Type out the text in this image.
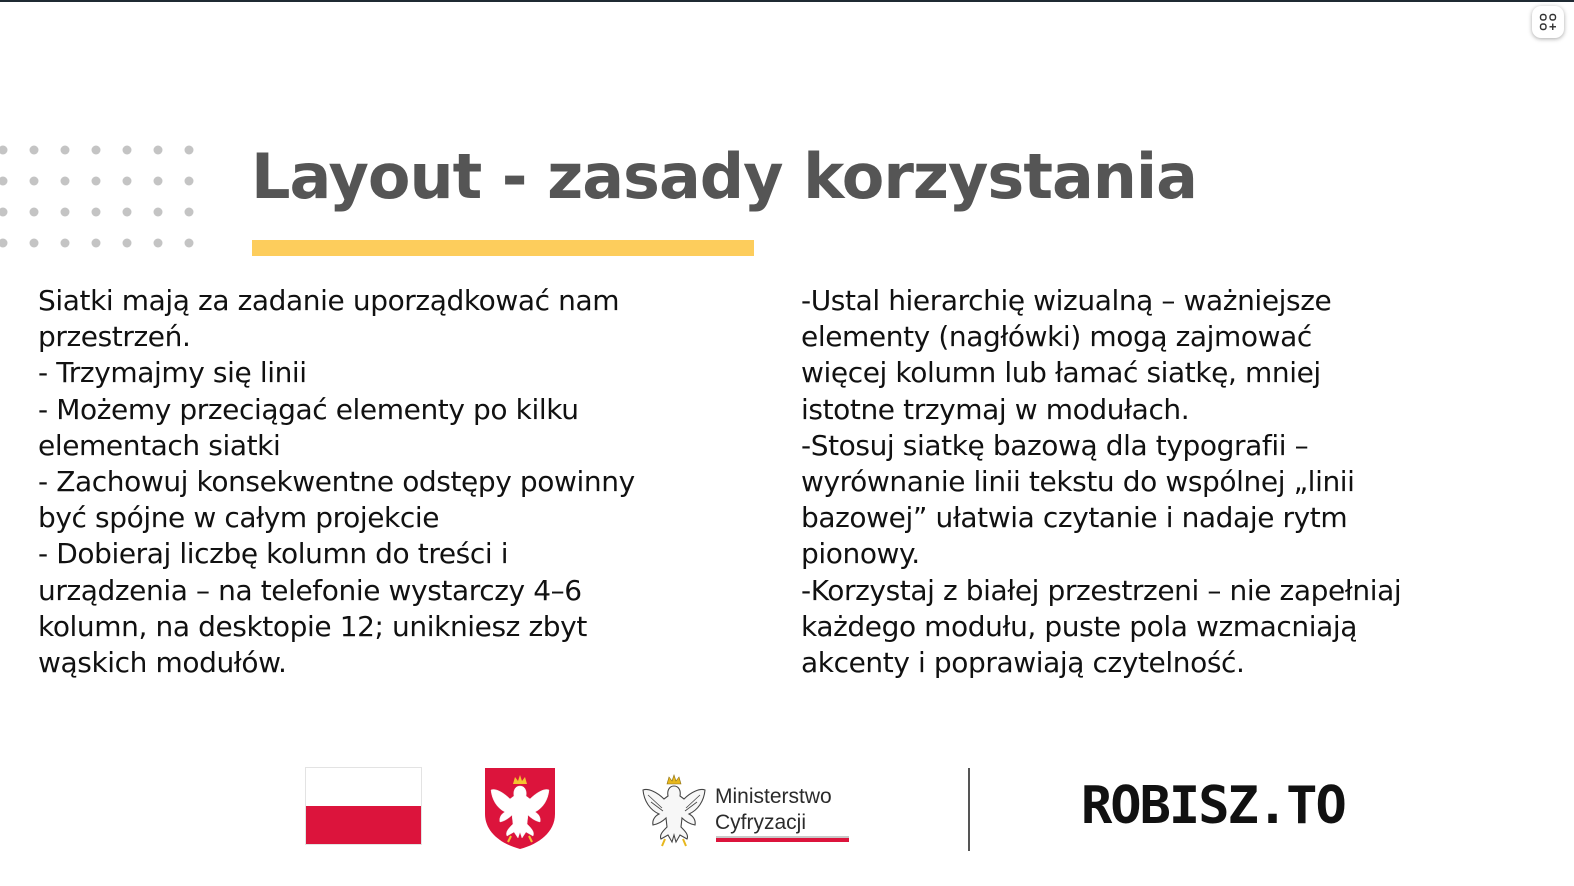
Layout - zasady korzystania

Siatki mają za zadanie uporządkować nam

przestrzeń.

- Trzymajmy się linii

- Możemy przeciągać elementy po kilku

elementach siatki

- Zachowuj konsekwentne odstępy powinny

być spójne w całym projekcie

- Dobieraj liczbę kolumn do treści i

urządzenia – na telefonie wystarczy 4–6

kolumn, na desktopie 12; unikniesz zbyt

wąskich modułów.

-Ustal hierarchię wizualną – ważniejsze

elementy (nagłówki) mogą zajmować

więcej kolumn lub łamać siatkę, mniej

istotne trzymaj w modułach.

-Stosuj siatkę bazową dla typografii –

wyrównanie linii tekstu do wspólnej „linii

bazowej” ułatwia czytanie i nadaje rytm

pionowy.

-Korzystaj z białej przestrzeni – nie zapełniaj

każdego modułu, puste pola wzmacniają

akcenty i poprawiają czytelność.

Ministerstwo
Cyfryzacji	ROBISZ.TO
